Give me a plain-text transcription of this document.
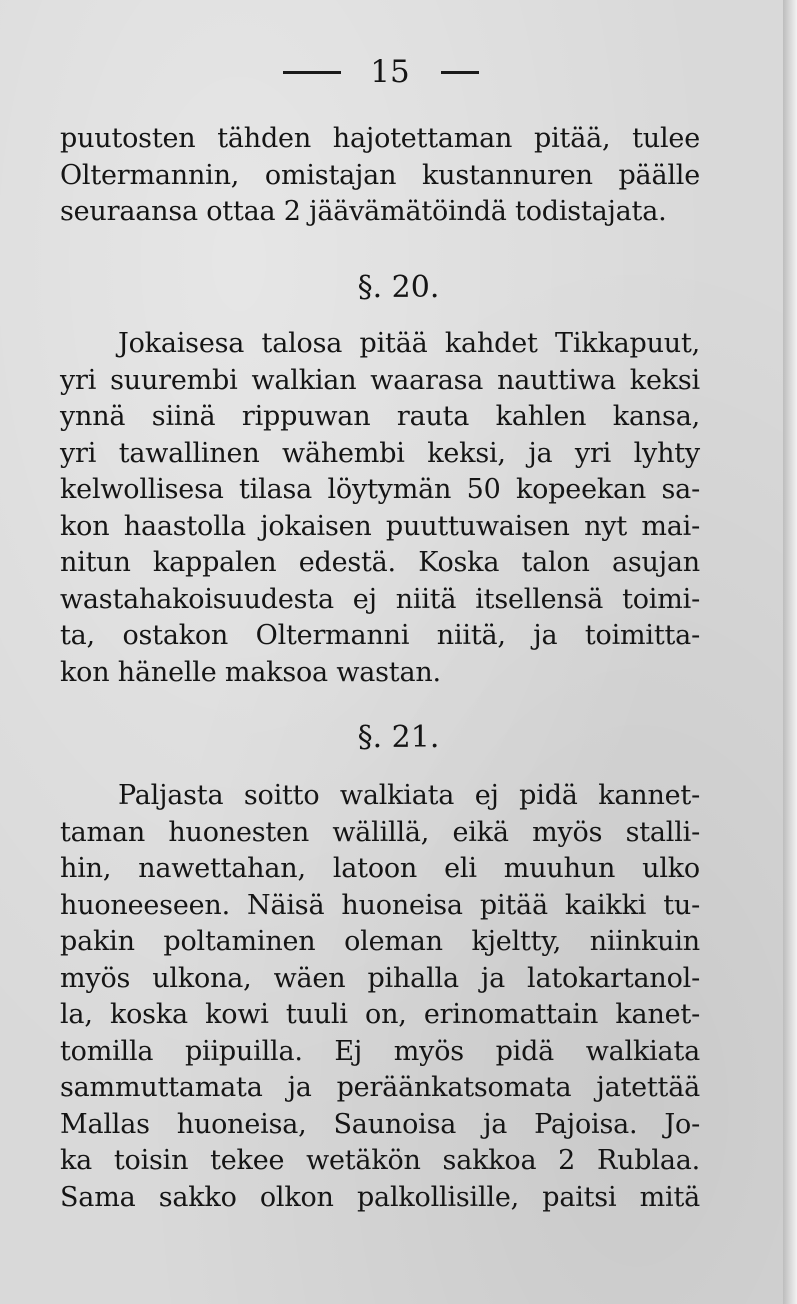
15
puutosten tähden hajotettaman pitää, tulee
Oltermannin, omistajan kustannuren päälle
seuraansa ottaa 2 jäävämätöindä todistajata.
§. 20.
Jokaisesa talosa pitää kahdet Tikkapuut,
yri suurembi walkian waarasa nauttiwa keksi
ynnä siinä rippuwan rauta kahlen kansa,
yri tawallinen wähembi keksi, ja yri lyhty
kelwollisesa tilasa löytymän 50 kopeekan sa-
kon haastolla jokaisen puuttuwaisen nyt mai-
nitun kappalen edestä. Koska talon asujan
wastahakoisuudesta ej niitä itsellensä toimi-
ta, ostakon Oltermanni niitä, ja toimitta-
kon hänelle maksoa wastan.
§. 21.
Paljasta soitto walkiata ej pidä kannet-
taman huonesten wälillä, eikä myös stalli-
hin, nawettahan, latoon eli muuhun ulko
huoneeseen. Näisä huoneisa pitää kaikki tu-
pakin poltaminen oleman kjeltty, niinkuin
myös ulkona, wäen pihalla ja latokartanol-
la, koska kowi tuuli on, erinomattain kanet-
tomilla piipuilla. Ej myös pidä walkiata
sammuttamata ja peräänkatsomata jatettää
Mallas huoneisa, Saunoisa ja Pajoisa. Jo-
ka toisin tekee wetäkön sakkoa 2 Rublaa.
Sama sakko olkon palkollisille, paitsi mitä
